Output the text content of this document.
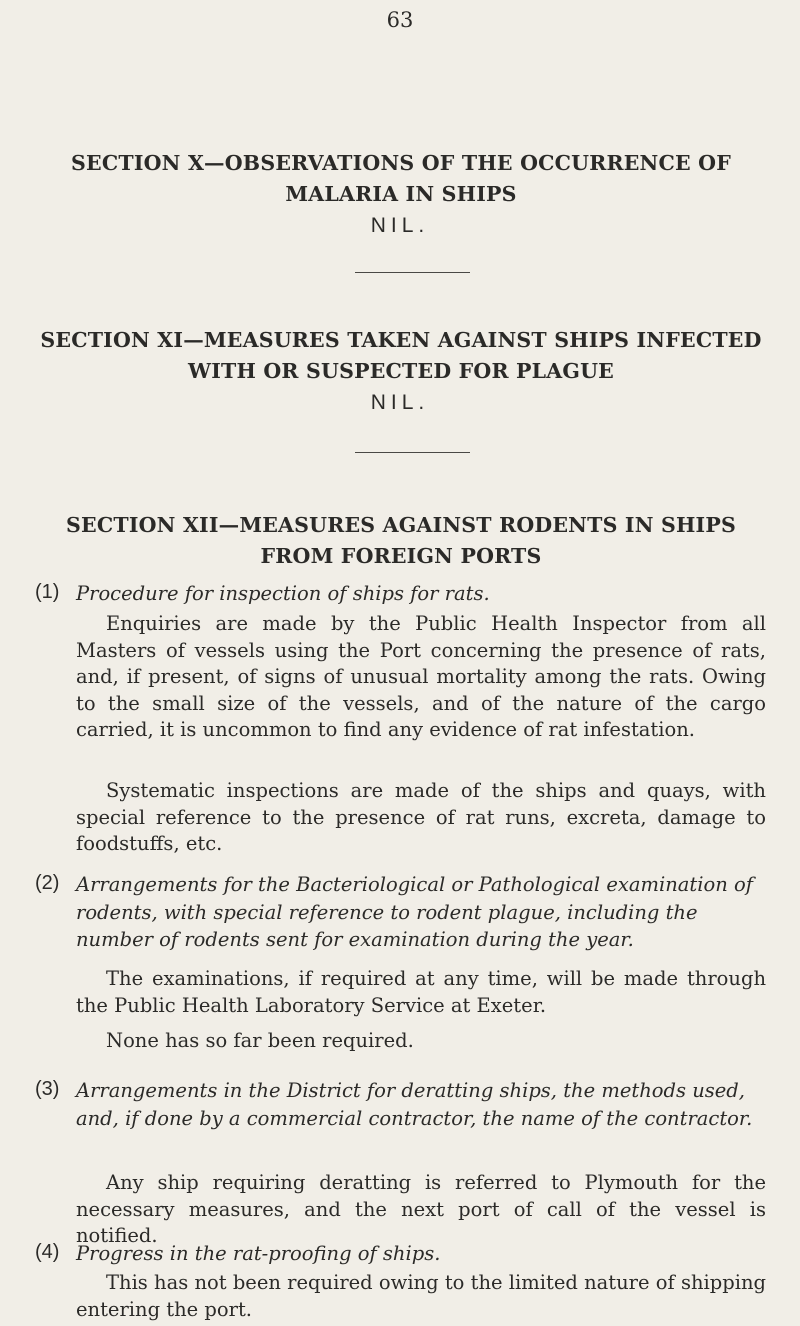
63
SECTION X—OBSERVATIONS OF THE OCCURRENCE OF MALARIA IN SHIPS
NIL.
SECTION XI—MEASURES TAKEN AGAINST SHIPS INFECTED WITH OR SUSPECTED FOR PLAGUE
NIL.
SECTION XII—MEASURES AGAINST RODENTS IN SHIPS FROM FOREIGN PORTS
(1) Procedure for inspection of ships for rats.
Enquiries are made by the Public Health Inspector from all Masters of vessels using the Port concerning the presence of rats, and, if present, of signs of unusual mortality among the rats. Owing to the small size of the vessels, and of the nature of the cargo carried, it is uncommon to find any evidence of rat infestation.
Systematic inspections are made of the ships and quays, with special reference to the presence of rat runs, excreta, damage to foodstuffs, etc.
(2) Arrangements for the Bacteriological or Pathological examination of rodents, with special reference to rodent plague, including the number of rodents sent for examination during the year.
The examinations, if required at any time, will be made through the Public Health Laboratory Service at Exeter.
None has so far been required.
(3) Arrangements in the District for deratting ships, the methods used, and, if done by a commercial contractor, the name of the contractor.
Any ship requiring deratting is referred to Plymouth for the necessary measures, and the next port of call of the vessel is notified.
(4) Progress in the rat-proofing of ships.
This has not been required owing to the limited nature of shipping entering the port.
